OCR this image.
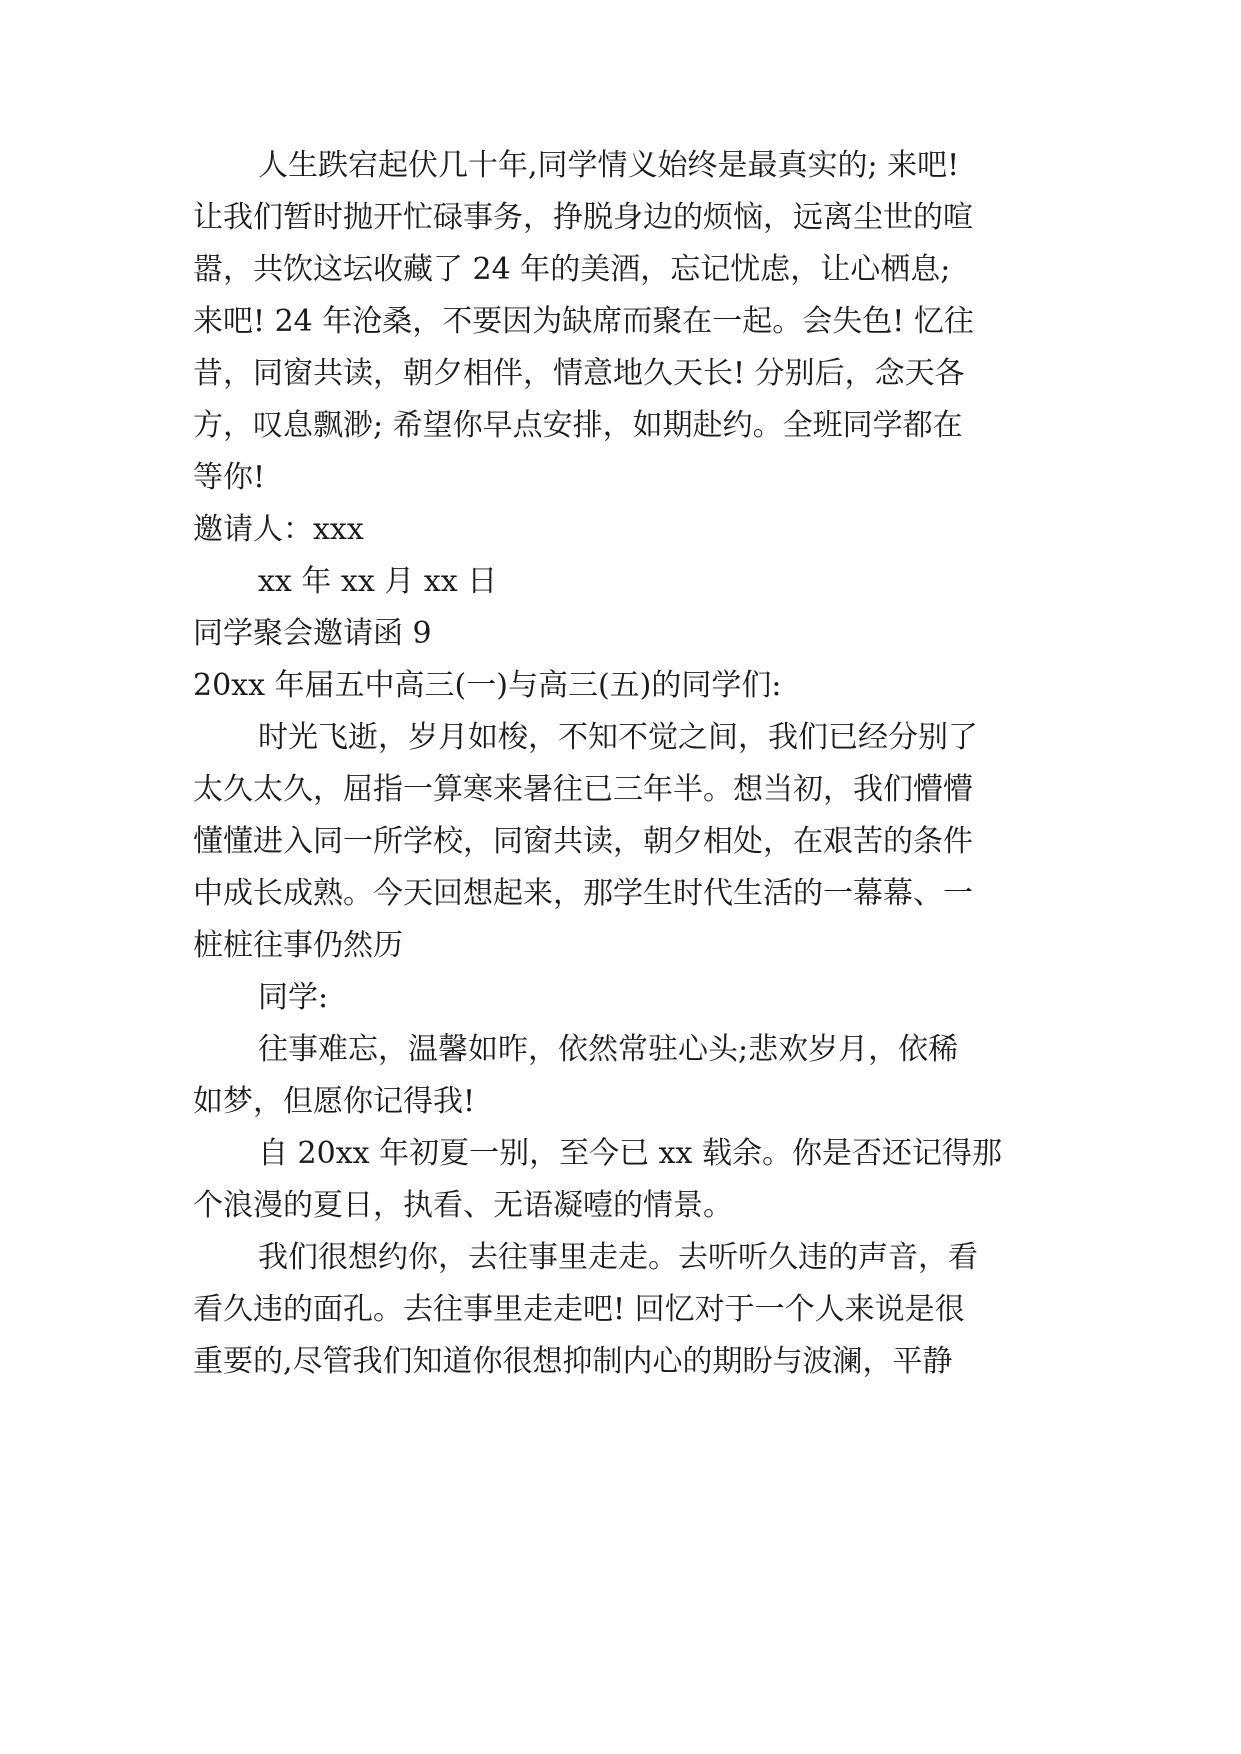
人生跌宕起伏几十年,同学情义始终是最真实的; 来吧!

让我们暂时抛开忙碌事务，挣脱身边的烦恼，远离尘世的喧

嚣，共饮这坛收藏了 24 年的美酒，忘记忧虑，让心栖息;

来吧! 24 年沧桑，不要因为缺席而聚在一起。会失色! 忆往

昔，同窗共读，朝夕相伴，情意地久天长! 分别后，念天各

方，叹息飘渺; 希望你早点安排，如期赴约。全班同学都在

等你!

邀请人：xxx

xx 年 xx 月 xx 日

同学聚会邀请函 9

20xx 年届五中高三(一)与高三(五)的同学们:

时光飞逝，岁月如梭，不知不觉之间，我们已经分别了

太久太久，屈指一算寒来暑往已三年半。想当初，我们懵懵

懂懂进入同一所学校，同窗共读，朝夕相处，在艰苦的条件

中成长成熟。今天回想起来，那学生时代生活的一幕幕、一

桩桩往事仍然历

同学:

往事难忘，温馨如昨，依然常驻心头;悲欢岁月，依稀

如梦，但愿你记得我!

自 20xx 年初夏一别，至今已 xx 载余。你是否还记得那

个浪漫的夏日，执看、无语凝噎的情景。

我们很想约你，去往事里走走。去听听久违的声音，看

看久违的面孔。去往事里走走吧! 回忆对于一个人来说是很

重要的,尽管我们知道你很想抑制内心的期盼与波澜，平静
